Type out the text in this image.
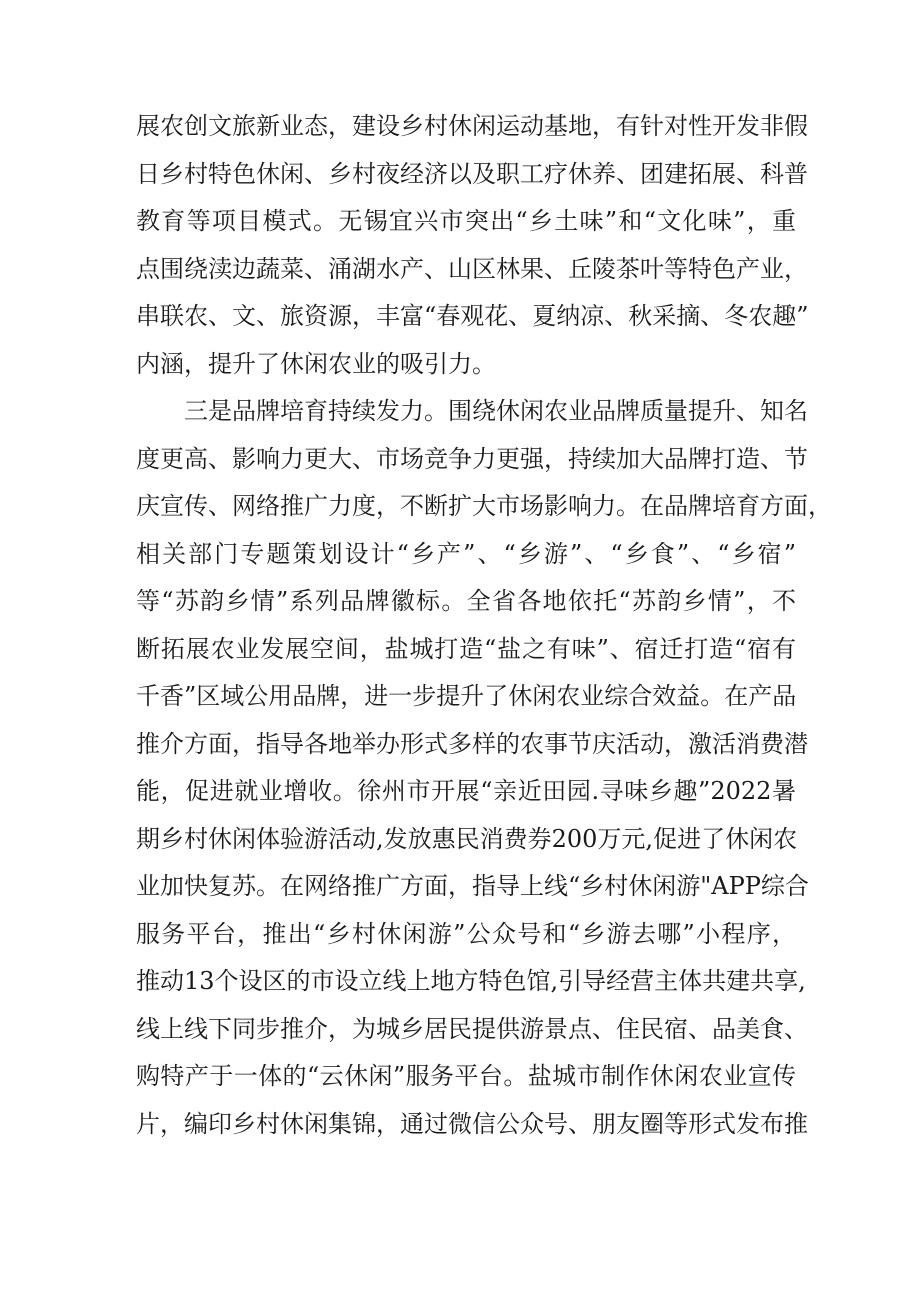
展农创文旅新业态，建设乡村休闲运动基地，有针对性开发非假
日乡村特色休闲、乡村夜经济以及职工疗休养、团建拓展、科普
教育等项目模式。无锡宜兴市突出“乡土味”和“文化味”，重
点围绕渎边蔬菜、涌湖水产、山区林果、丘陵茶叶等特色产业，
串联农、文、旅资源，丰富“春观花、夏纳凉、秋采摘、冬农趣”
内涵，提升了休闲农业的吸引力。
三是品牌培育持续发力。围绕休闲农业品牌质量提升、知名
度更高、影响力更大、市场竞争力更强，持续加大品牌打造、节
庆宣传、网络推广力度，不断扩大市场影响力。在品牌培育方面，
相关部门专题策划设计“乡产”、“乡游”、“乡食”、“乡宿”
等“苏韵乡情”系列品牌徽标。全省各地依托“苏韵乡情”，不
断拓展农业发展空间，盐城打造“盐之有味”、宿迁打造“宿有
千香”区域公用品牌，进一步提升了休闲农业综合效益。在产品
推介方面，指导各地举办形式多样的农事节庆活动，激活消费潜
能，促进就业增收。徐州市开展“亲近田园.寻味乡趣”2022暑
期乡村休闲体验游活动,发放惠民消费券200万元,促进了休闲农
业加快复苏。在网络推广方面，指导上线“乡村休闲游"APP综合
服务平台，推出“乡村休闲游”公众号和“乡游去哪”小程序，
推动13个设区的市设立线上地方特色馆,引导经营主体共建共享,
线上线下同步推介，为城乡居民提供游景点、住民宿、品美食、
购特产于一体的“云休闲”服务平台。盐城市制作休闲农业宣传
片，编印乡村休闲集锦，通过微信公众号、朋友圈等形式发布推
